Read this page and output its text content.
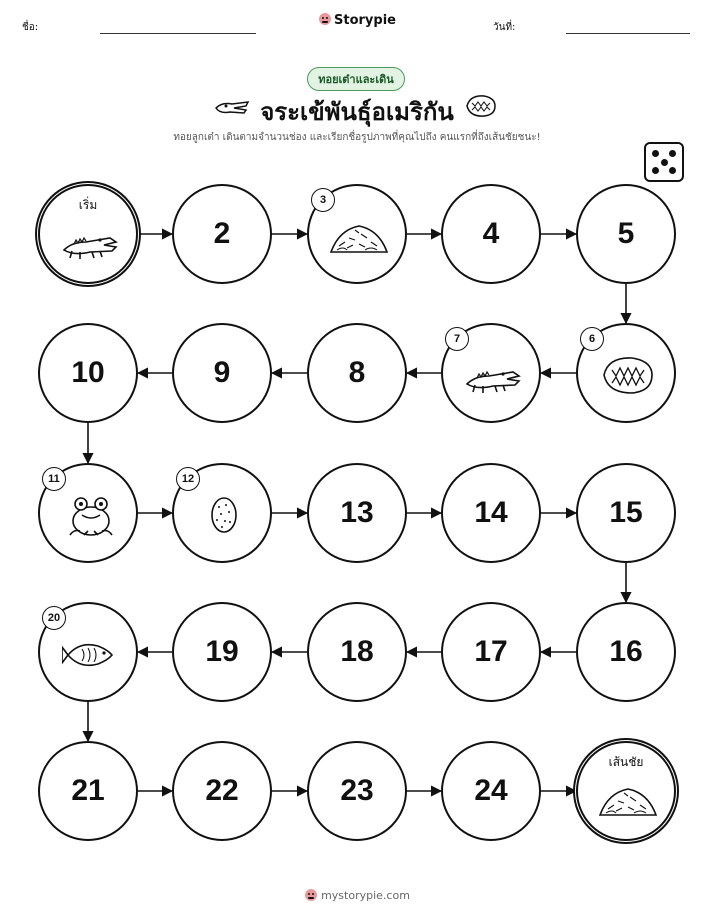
ชื่อ:	Storypie	วันที่:
ทอยเต๋าและเดิน
จระเข้พันธุ์อเมริกัน
ทอยลูกเต๋า เดินตามจำนวนช่อง และเรียกชื่อรูปภาพที่คุณไปถึง คนแรกที่ถึงเส้นชัยชนะ!
เริ่ม
2
3
4	5
6
7
8
9
10
11	12
13	14	15
16
17
18
19
20
21	22	23	24
เส้นชัย
mystorypie.com
